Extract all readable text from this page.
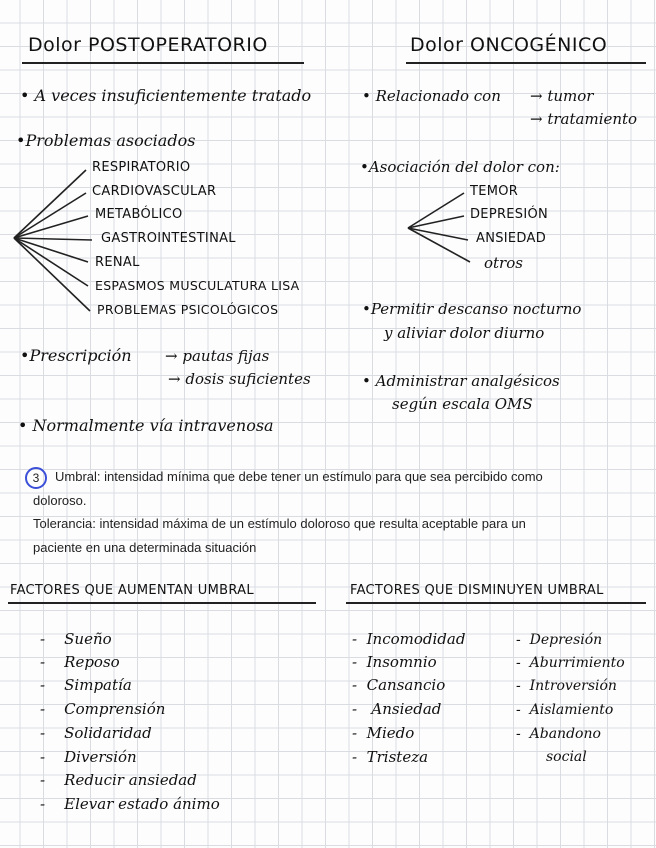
Dolor POSTOPERATORIO
• A veces insuficientemente tratado
•Problemas asociados
RESPIRATORIO
CARDIOVASCULAR
METABÓLICO
GASTROINTESTINAL
RENAL
ESPASMOS MUSCULATURA LISA
PROBLEMAS PSICOLÓGICOS
•Prescripción → pautas fijas
→ dosis suficientes
• Normalmente vía intravenosa
Dolor ONCOGÉNICO
• Relacionado con → tumor
→ tratamiento
•Asociación del dolor con:
TEMOR
DEPRESIÓN
ANSIEDAD
otros
•Permitir descanso nocturno
y aliviar dolor diurno
• Administrar analgésicos
según escala OMS
3	Umbral: intensidad mínima que debe tener un estímulo para que sea percibido como
doloroso.
Tolerancia: intensidad máxima de un estímulo doloroso que resulta aceptable para un
paciente en una determinada situación
FACTORES QUE AUMENTAN UMBRAL
- Sueño
- Reposo
- Simpatía
- Comprensión
- Solidaridad
- Diversión
- Reducir ansiedad
- Elevar estado ánimo
FACTORES QUE DISMINUYEN UMBRAL
- Incomodidad
- Insomnio
- Cansancio
- Ansiedad
- Miedo
- Tristeza
- Depresión
- Aburrimiento
- Introversión
- Aislamiento
- Abandono
social
